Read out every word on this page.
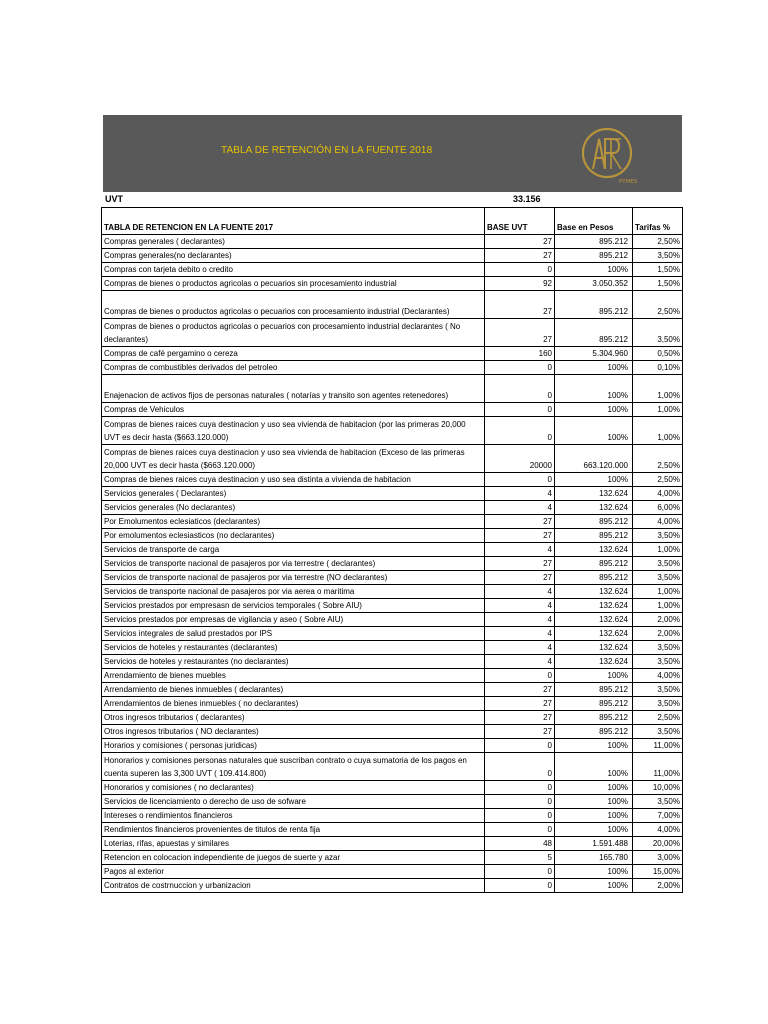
TABLA DE RETENCIÓN EN LA FUENTE 2018
PYMES
UVT	33.156
TABLA DE RETENCION EN LA FUENTE 2017	BASE UVT	Base en Pesos	Tarifas %
Compras generales ( declarantes)	27	895.212	2,50%
Compras generales(no declarantes)	27	895.212	3,50%
Compras con tarjeta debito o credito	0	100%	1,50%
Compras de bienes o productos agricolas o pecuarios sin procesamiento industrial	92	3.050.352	1,50%
Compras de bienes o productos agricolas o pecuarios con procesamiento industrial (Declarantes)	27	895.212	2,50%
Compras de bienes o productos agricolas o pecuarios con procesamiento industrial declarantes ( No declarantes)	27	895.212	3,50%
Compras de café pergamino o cereza	160	5.304.960	0,50%
Compras de combustibles derivados del petroleo	0	100%	0,10%
Enajenacion de activos fijos de personas naturales ( notarías y transito son agentes retenedores)	0	100%	1,00%
Compras de Vehiculos	0	100%	1,00%
Compras de bienes raices cuya destinacion y uso sea vivienda de habitacion (por las primeras 20,000 UVT es decir hasta ($663.120.000)	0	100%	1,00%
Compras de bienes raices cuya destinacion y uso sea vivienda de habitacion (Exceso de las primeras 20,000 UVT es decir hasta ($663.120.000)	20000	663.120.000	2,50%
Compras de bienes raices cuya destinacion y uso sea distinta a vivienda de habitacion	0	100%	2,50%
Servicios generales ( Declarantes)	4	132.624	4,00%
Servicios generales (No declarantes)	4	132.624	6,00%
Por Emolumentos eclesiaticos (declarantes)	27	895.212	4,00%
Por emolumentos eclesiasticos (no declarantes)	27	895.212	3,50%
Servicios de transporte de carga	4	132.624	1,00%
Servicios de transporte nacional de pasajeros por via terrestre ( declarantes)	27	895.212	3,50%
Servicios de transporte nacional de pasajeros por via terrestre (NO declarantes)	27	895.212	3,50%
Servicios de transporte nacional de pasajeros por via aerea o maritima	4	132.624	1,00%
Servicios prestados por empresasn de servicios temporales ( Sobre AIU)	4	132.624	1,00%
Servicios prestados por empresas de vigilancia y aseo ( Sobre AIU)	4	132.624	2,00%
Servicios integrales de salud prestados por IPS	4	132.624	2,00%
Servicios de hoteles y restaurantes (declarantes)	4	132.624	3,50%
Servicios de hoteles y restaurantes (no declarantes)	4	132.624	3,50%
Arrendamiento de bienes muebles	0	100%	4,00%
Arrendamiento de bienes inmuebles ( declarantes)	27	895.212	3,50%
Arrendamientos de bienes inmuebles ( no declarantes)	27	895.212	3,50%
Otros ingresos tributarios ( declarantes)	27	895.212	2,50%
Otros ingresos tributarios ( NO declarantes)	27	895.212	3,50%
Horarios y comisiones ( personas juridicas)	0	100%	11,00%
Honorarios y comisiones personas naturales que suscriban contrato o cuya sumatoria de los pagos en cuenta superen las 3,300 UVT ( 109.414.800)	0	100%	11,00%
Honorarios y comisiones ( no declarantes)	0	100%	10,00%
Servicios de licenciamiento o derecho de uso de sofware	0	100%	3,50%
Intereses o rendimientos financieros	0	100%	7,00%
Rendimientos financieros provenientes de titulos de renta fija	0	100%	4,00%
Loterias, rifas, apuestas y similares	48	1.591.488	20,00%
Retencion en colocacion independiente de juegos de suerte y azar	5	165.780	3,00%
Pagos al exterior	0	100%	15,00%
Contratos de costrnuccion y urbanizacion	0	100%	2,00%
